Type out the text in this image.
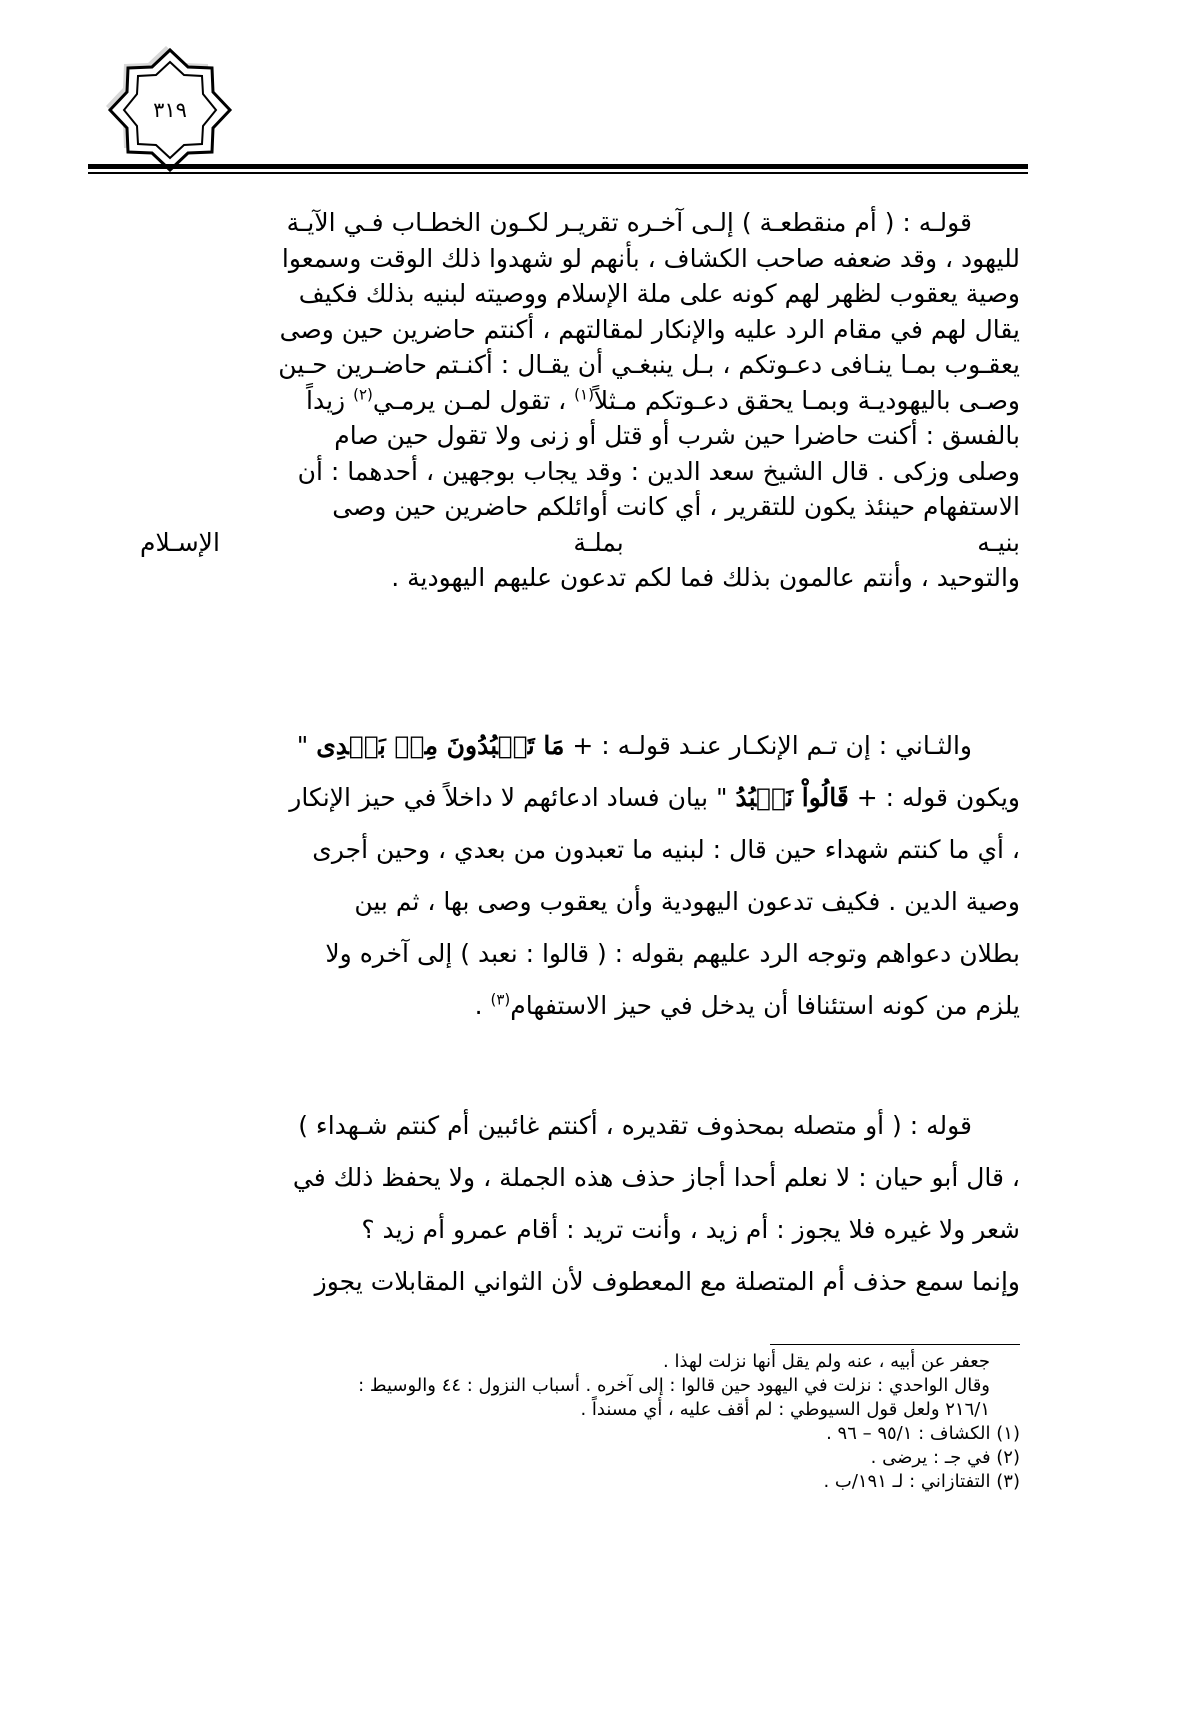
٣١٩

قولـه : ( أم منقطعـة ) إلـى آخـره تقريـر لكـون الخطـاب فـي الآيـة

لليهود ، وقد ضعفه صاحب الكشاف ، بأنهم لو شهدوا ذلك الوقت وسمعوا

وصية يعقوب لظهر لهم كونه على ملة الإسلام ووصيته لبنيه بذلك فكيف

يقال لهم في مقام الرد عليه والإنكار لمقالتهم ، أكنتم حاضرين حين وصى

يعقـوب بمـا ينـافى دعـوتكم ، بـل ينبغـي أن يقـال : أكنـتم حاضـرين حـين

وصـى باليهوديـة وبمـا يحقق دعـوتكم مـثلاً$^{(١)}$ ، تقول لمـن يرمـي$^{(٢)}$ زيداً

بالفسق : أكنت حاضرا حين شرب أو قتل أو زنى ولا تقول حين صام

وصلى وزكى . قال الشيخ سعد الدين : وقد يجاب بوجهين ، أحدهما : أن

الاستفهام حينئذ يكون للتقرير ، أي كانت أوائلكم حاضرين حين وصى

بنيـه
بملـة
الإسـلام

والتوحيد ، وأنتم عالمون بذلك فما لكم تدعون عليهم اليهودية .

والثـاني : إن تـم الإنكـار عنـد قولـه : + مَا تَعۡبُدُونَ مِنۢ بَعۡدِى "

ويكون قوله : + قَالُواْ نَعۡبُدُ " بيان فساد ادعائهم لا داخلاً في حيز الإنكار

، أي ما كنتم شهداء حين قال : لبنيه ما تعبدون من بعدي ، وحين أجرى

وصية الدين . فكيف تدعون اليهودية وأن يعقوب وصى بها ، ثم بين

بطلان دعواهم وتوجه الرد عليهم بقوله : ( قالوا : نعبد ) إلى آخره ولا

يلزم من كونه استئنافا أن يدخل في حيز الاستفهام$^{(٣)}$ .

قوله : ( أو متصله بمحذوف تقديره ، أكنتم غائبين أم كنتم شـهداء )

، قال أبو حيان : لا نعلم أحدا أجاز حذف هذه الجملة ، ولا يحفظ ذلك في

شعر ولا غيره فلا يجوز : أم زيد ، وأنت تريد : أقام عمرو أم زيد ؟

وإنما سمع حذف أم المتصلة مع المعطوف لأن الثواني المقابلات يجوز

جعفر عن أبيه ، عنه ولم يقل أنها نزلت لهذا .

وقال الواحدي : نزلت في اليهود حين قالوا : إلى آخره . أسباب النزول : ٤٤ والوسيط :

٢١٦/١ ولعل قول السيوطي : لم أقف عليه ، أي مسنداً .

(١) الكشاف : ٩٥/١ – ٩٦ .

(٢) في جـ : يرضى .

(٣) التفتازاني : لـ ١٩١/ب .
